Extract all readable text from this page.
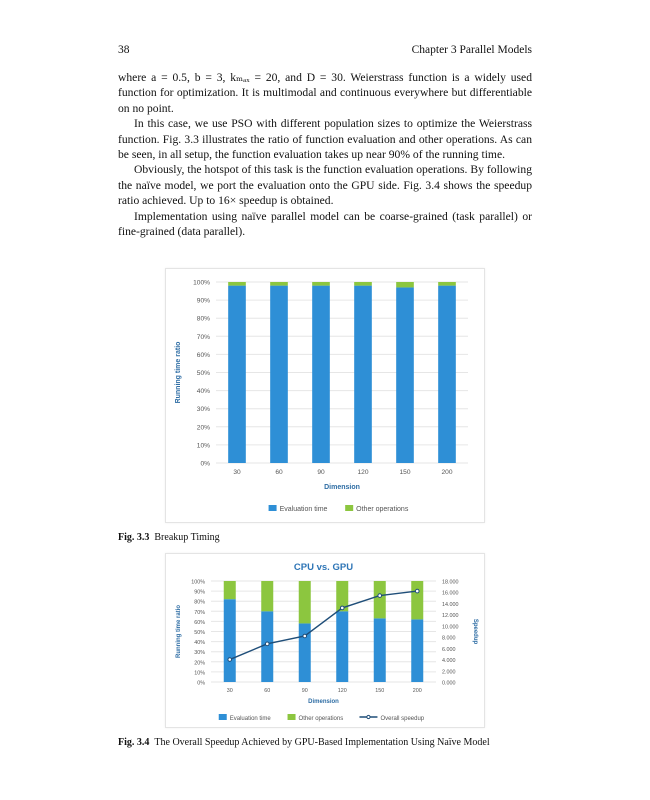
38	Chapter 3 Parallel Models

where a = 0.5, b = 3, kₘₐₓ = 20, and D = 30. Weierstrass function is a widely used function for optimization. It is multimodal and continuous everywhere but differentiable on no point.

In this case, we use PSO with different population sizes to optimize the Weierstrass function. Fig. 3.3 illustrates the ratio of function evaluation and other operations. As can be seen, in all setup, the function evaluation takes up near 90% of the running time.

Obviously, the hotspot of this task is the function evaluation operations. By following the naïve model, we port the evaluation onto the GPU side. Fig. 3.4 shows the speedup ratio achieved. Up to 16× speedup is obtained.

Implementation using naïve parallel model can be coarse-grained (task parallel) or fine-grained (data parallel).

0%
10%
20%
30%
40%
50%
60%
70%
80%
90%
100%
30	60	90	120	150	200
Dimension
Running time ratio
Evaluation time	Other operations
Fig. 3.3 Breakup Timing
CPU vs. GPU
0%
10%
20%
30%
40%
50%
60%
70%
80%
90%
100%
30	60	90	120	150	200
Dimension
Running time ratio
0.000
2.000
4.000
6.000
8.000
10.000
12.000
14.000
16.000
18.000
Speedup
Evaluation time	Other operations	Overall speedup
Fig. 3.4 The Overall Speedup Achieved by GPU-Based Implementation Using Naïve Model
